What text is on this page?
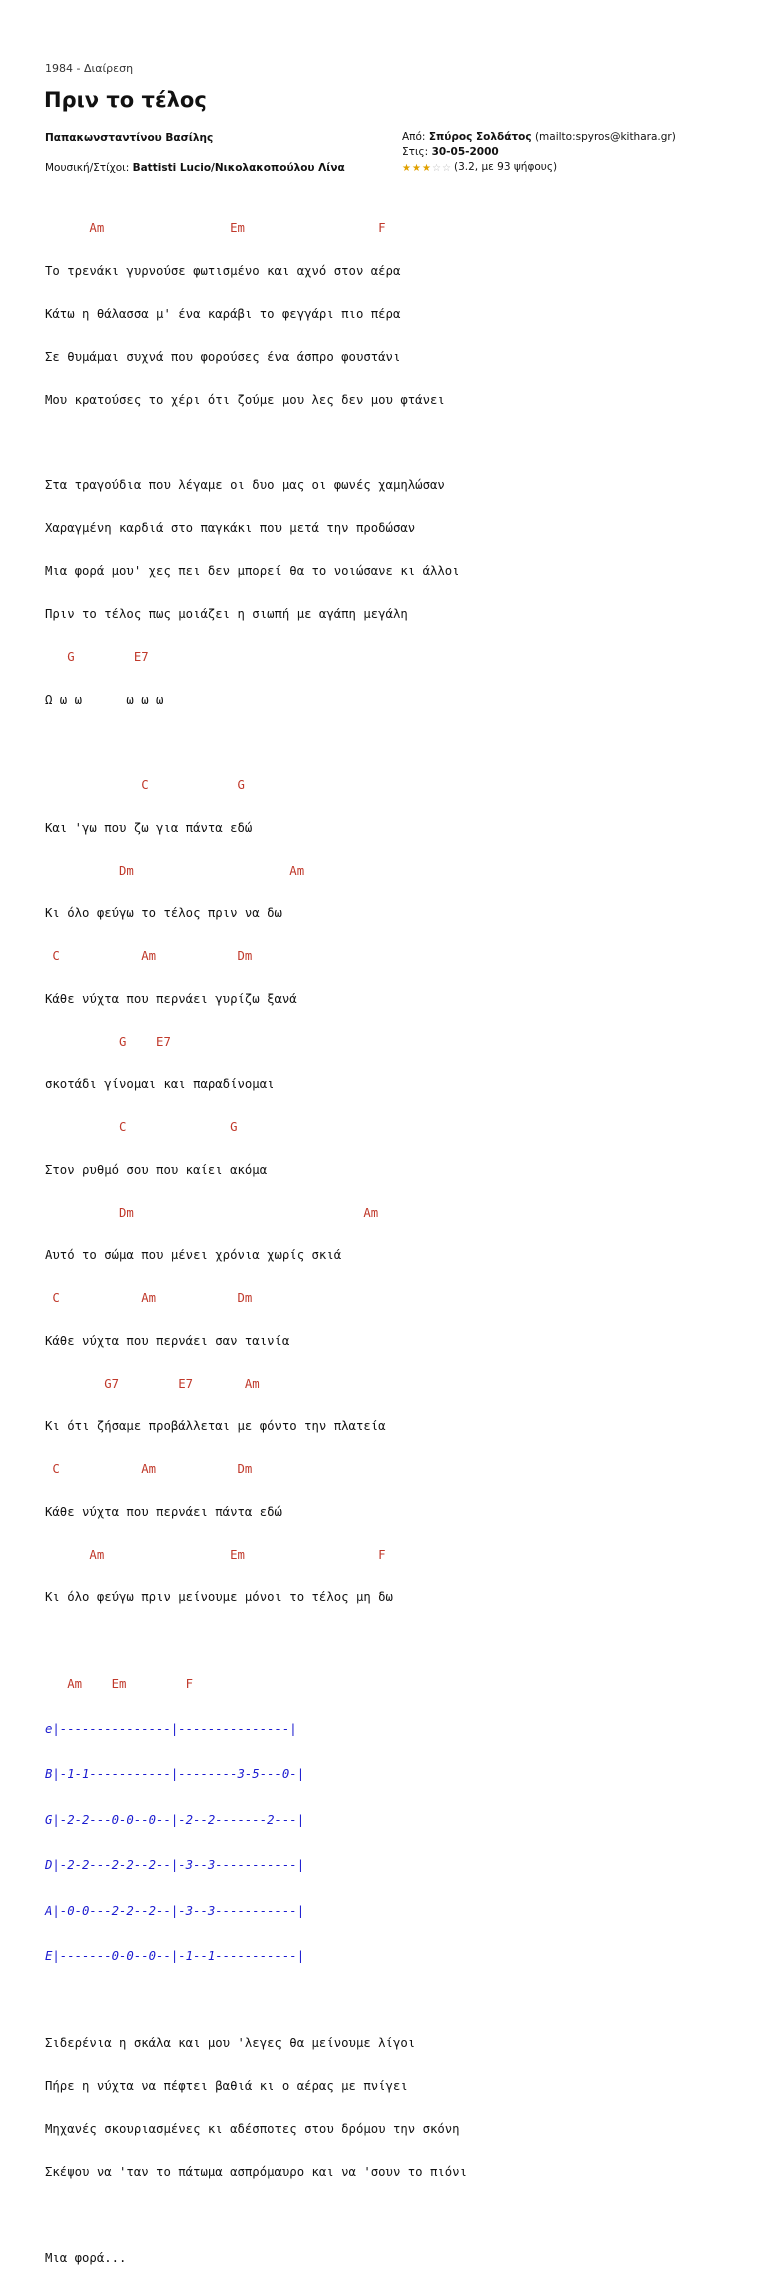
1984 - Διαίρεση
Πριν το τέλος
Παπακωνσταντίνου Βασίλης
Μουσική/Στίχοι: Battisti Lucio/Νικολακοπούλου Λίνα
Από: Σπύρος Σολδάτος (mailto:spyros@kithara.gr)
Στις: 30-05-2000
★★★☆☆ (3.2, με 93 ψήφους)

Am                 Em                  F

Το τρενάκι γυρνούσε φωτισμένο και αχνό στον αέρα

Κάτω η θάλασσα μ' ένα καράβι το φεγγάρι πιο πέρα

Σε θυμάμαι συχνά που φορούσες ένα άσπρο φουστάνι

Μου κρατούσες το χέρι ότι ζούμε μου λες δεν μου φτάνει

Στα τραγούδια που λέγαμε οι δυο μας οι φωνές χαμηλώσαν

Χαραγμένη καρδιά στο παγκάκι που μετά την προδώσαν

Μια φορά μου' χες πει δεν μπορεί θα το νοιώσανε κι άλλοι

Πριν το τέλος πως μοιάζει η σιωπή με αγάπη μεγάλη

G        E7

Ω ω ω      ω ω ω

C            G

Και 'γω που ζω για πάντα εδώ

Dm                     Am

Κι όλο φεύγω το τέλος πριν να δω

C           Am           Dm

Κάθε νύχτα που περνάει γυρίζω ξανά

G    E7

σκοτάδι γίνομαι και παραδίνομαι

C              G

Στον ρυθμό σου που καίει ακόμα

Dm                               Am

Αυτό το σώμα που μένει χρόνια χωρίς σκιά

C           Am           Dm

Κάθε νύχτα που περνάει σαν ταινία

G7        E7       Am

Κι ότι ζήσαμε προβάλλεται με φόντο την πλατεία

C           Am           Dm

Κάθε νύχτα που περνάει πάντα εδώ

Am                 Em                  F

Κι όλο φεύγω πριν μείνουμε μόνοι το τέλος μη δω

Am    Em        F

e|---------------|---------------|

B|-1-1-----------|--------3-5---0-|

G|-2-2---0-0--0--|-2--2-------2---|

D|-2-2---2-2--2--|-3--3-----------|

A|-0-0---2-2--2--|-3--3-----------|

E|-------0-0--0--|-1--1-----------|

Σιδερένια η σκάλα και μου 'λεγες θα μείνουμε λίγοι

Πήρε η νύχτα να πέφτει βαθιά κι ο αέρας με πνίγει

Μηχανές σκουριασμένες κι αδέσποτες στου δρόμου την σκόνη

Σκέψου να 'ταν το πάτωμα ασπρόμαυρο και να 'σουν το πιόνι

Μια φορά...
